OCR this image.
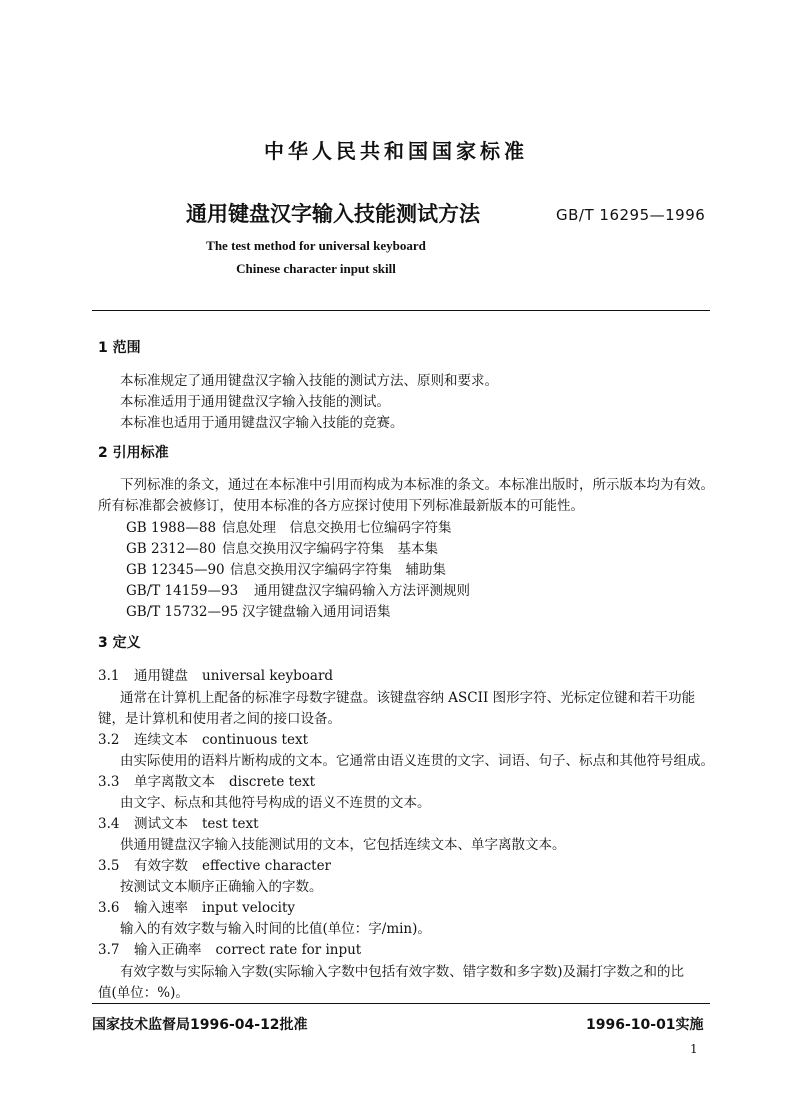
中华人民共和国国家标准
通用键盘汉字输入技能测试方法	GB/T 16295—1996
The test method for universal keyboard
Chinese character input skill
1 范围
本标准规定了通用键盘汉字输入技能的测试方法、原则和要求。
本标准适用于通用键盘汉字输入技能的测试。
本标准也适用于通用键盘汉字输入技能的竞赛。
2 引用标准
下列标准的条文，通过在本标准中引用而构成为本标准的条文。本标准出版时，所示版本均为有效。
所有标准都会被修订，使用本标准的各方应探讨使用下列标准最新版本的可能性。
GB 1988—88 信息处理　信息交换用七位编码字符集
GB 2312—80 信息交换用汉字编码字符集　基本集
GB 12345—90 信息交换用汉字编码字符集　辅助集
GB/T 14159—93 通用键盘汉字编码输入方法评测规则
GB/T 15732—95 汉字键盘输入通用词语集
3 定义
3.1 通用键盘 universal keyboard
通常在计算机上配备的标准字母数字键盘。该键盘容纳 ASCII 图形字符、光标定位键和若干功能
键，是计算机和使用者之间的接口设备。
3.2 连续文本 continuous text
由实际使用的语料片断构成的文本。它通常由语义连贯的文字、词语、句子、标点和其他符号组成。
3.3 单字离散文本 discrete text
由文字、标点和其他符号构成的语义不连贯的文本。
3.4 测试文本 test text
供通用键盘汉字输入技能测试用的文本，它包括连续文本、单字离散文本。
3.5 有效字数 effective character
按测试文本顺序正确输入的字数。
3.6 输入速率 input velocity
输入的有效字数与输入时间的比值(单位：字/min)。
3.7 输入正确率 correct rate for input
有效字数与实际输入字数(实际输入字数中包括有效字数、错字数和多字数)及漏打字数之和的比
值(单位：%)。
国家技术监督局1996-04-12批准	1996-10-01实施
1
